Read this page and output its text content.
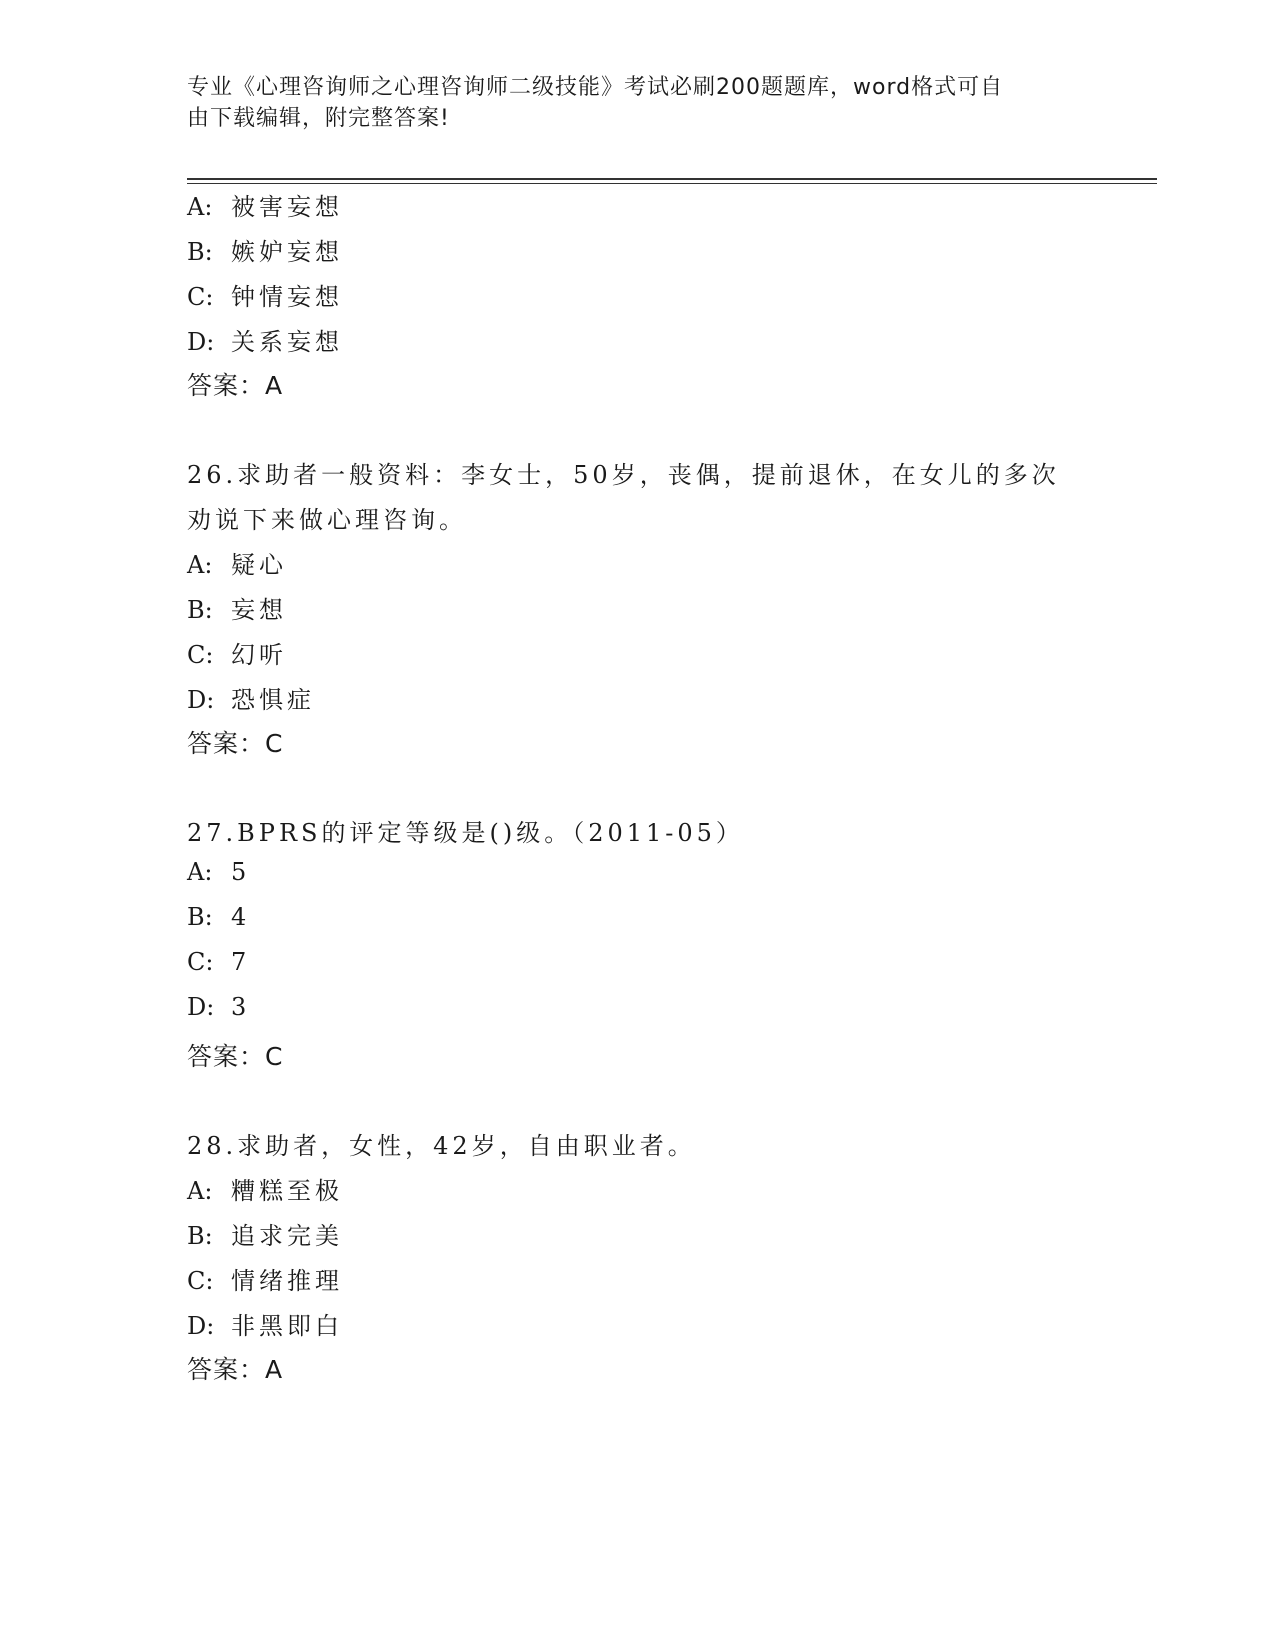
专业《心理咨询师之心理咨询师二级技能》考试必刷200题题库，word格式可自
由下载编辑，附完整答案!

A: 被害妄想

B: 嫉妒妄想

C: 钟情妄想

D: 关系妄想

答案：A

26.求助者一般资料：李女士，50岁，丧偶，提前退休，在女儿的多次

劝说下来做心理咨询。

A: 疑心

B: 妄想

C: 幻听

D: 恐惧症

答案：C

27.BPRS的评定等级是()级。（2011-05）

A: 5

B: 4

C: 7

D: 3

答案：C

28.求助者，女性，42岁，自由职业者。

A: 糟糕至极

B: 追求完美

C: 情绪推理

D: 非黑即白

答案：A
